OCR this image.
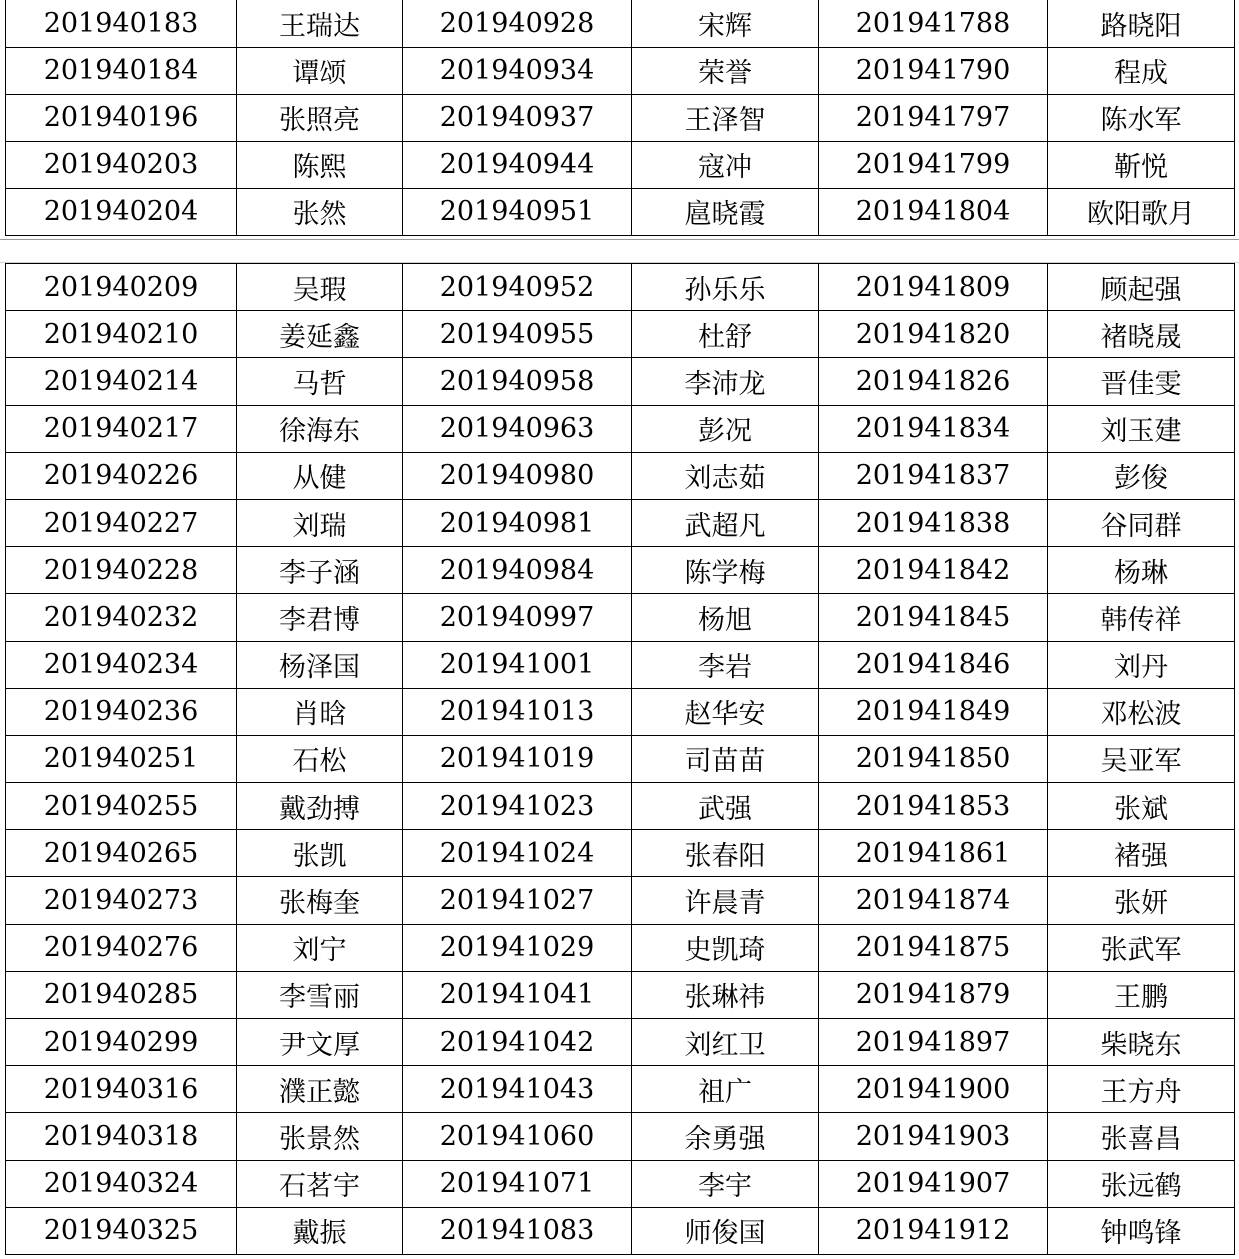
201940183	王瑞达	201940928	宋辉	201941788	路晓阳
201940184	谭颂	201940934	荣誉	201941790	程成
201940196	张照亮	201940937	王泽智	201941797	陈水军
201940203	陈熙	201940944	寇冲	201941799	靳悦
201940204	张然	201940951	扈晓霞	201941804	欧阳歌月
201940209	吴瑕	201940952	孙乐乐	201941809	顾起强
201940210	姜延鑫	201940955	杜舒	201941820	褚晓晟
201940214	马哲	201940958	李沛龙	201941826	晋佳雯
201940217	徐海东	201940963	彭况	201941834	刘玉建
201940226	从健	201940980	刘志茹	201941837	彭俊
201940227	刘瑞	201940981	武超凡	201941838	谷同群
201940228	李子涵	201940984	陈学梅	201941842	杨琳
201940232	李君博	201940997	杨旭	201941845	韩传祥
201940234	杨泽国	201941001	李岩	201941846	刘丹
201940236	肖晗	201941013	赵华安	201941849	邓松波
201940251	石松	201941019	司苗苗	201941850	吴亚军
201940255	戴劲搏	201941023	武强	201941853	张斌
201940265	张凯	201941024	张春阳	201941861	褚强
201940273	张梅奎	201941027	许晨青	201941874	张妍
201940276	刘宁	201941029	史凯琦	201941875	张武军
201940285	李雪丽	201941041	张琳祎	201941879	王鹏
201940299	尹文厚	201941042	刘红卫	201941897	柴晓东
201940316	濮正懿	201941043	祖广	201941900	王方舟
201940318	张景然	201941060	余勇强	201941903	张喜昌
201940324	石茗宇	201941071	李宇	201941907	张远鹤
201940325	戴振	201941083	师俊国	201941912	钟鸣锋
